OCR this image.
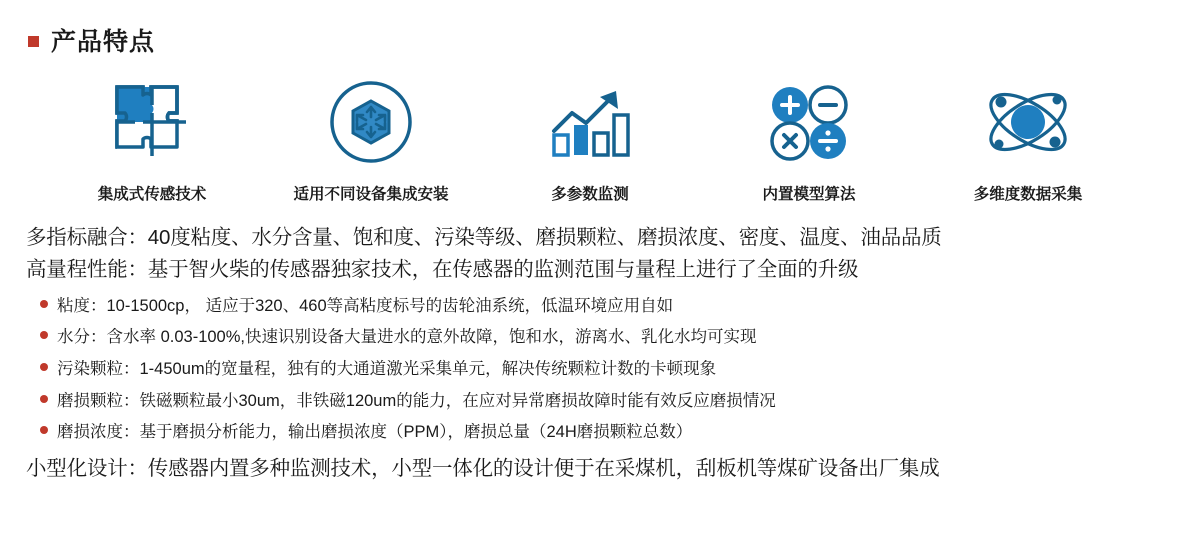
产品特点
集成式传感技术	适用不同设备集成安装	多参数监测	内置模型算法	多维度数据采集
多指标融合：40度粘度、水分含量、饱和度、污染等级、磨损颗粒、磨损浓度、密度、温度、油品品质
高量程性能：基于智火柴的传感器独家技术，在传感器的监测范围与量程上进行了全面的升级
粘度：10-1500cp， 适应于320、460等高粘度标号的齿轮油系统，低温环境应用自如
水分：含水率 0.03-100%,快速识别设备大量进水的意外故障，饱和水，游离水、乳化水均可实现
污染颗粒：1-450um的宽量程，独有的大通道激光采集单元，解决传统颗粒计数的卡顿现象
磨损颗粒：铁磁颗粒最小30um，非铁磁120um的能力，在应对异常磨损故障时能有效反应磨损情况
磨损浓度：基于磨损分析能力，输出磨损浓度（PPM），磨损总量（24H磨损颗粒总数）
小型化设计：传感器内置多种监测技术，小型一体化的设计便于在采煤机，刮板机等煤矿设备出厂集成
